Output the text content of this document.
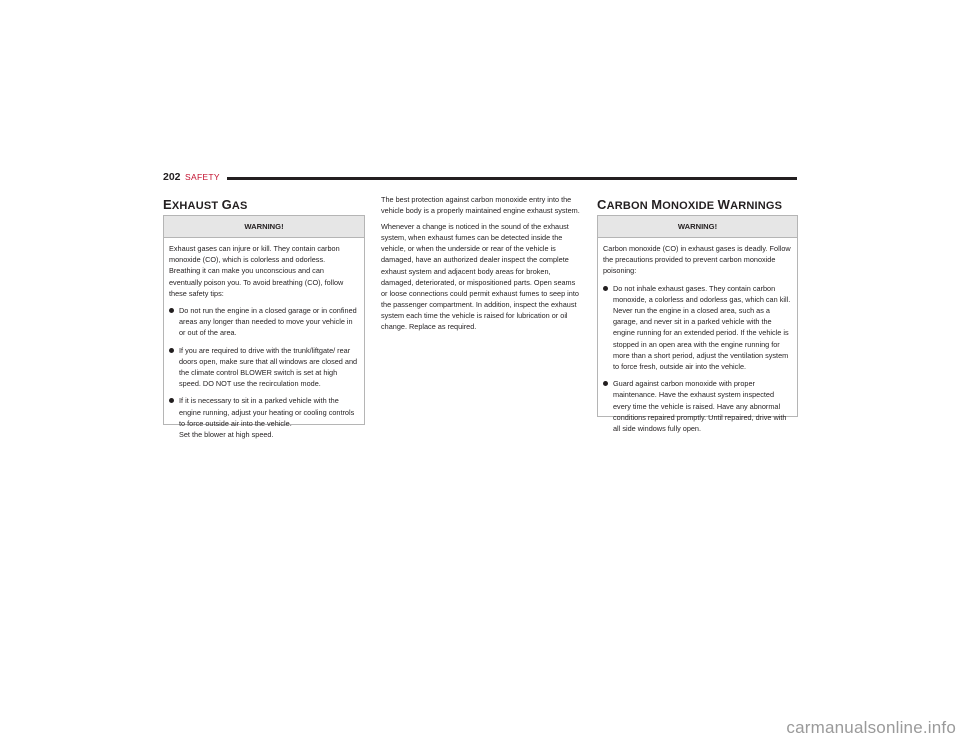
202 SAFETY
EXHAUST GAS
WARNING!

Exhaust gases can injure or kill. They contain carbon monoxide (CO), which is colorless and odorless. Breathing it can make you unconscious and can eventually poison you. To avoid breathing (CO), follow these safety tips:

Do not run the engine in a closed garage or in confined areas any longer than needed to move your vehicle in or out of the area.
If you are required to drive with the trunk/liftgate/ rear doors open, make sure that all windows are closed and the climate control BLOWER switch is set at high speed. DO NOT use the recirculation mode.
If it is necessary to sit in a parked vehicle with the engine running, adjust your heating or cooling controls to force outside air into the vehicle.
Set the blower at high speed.

The best protection against carbon monoxide entry into the vehicle body is a properly maintained engine exhaust system.

Whenever a change is noticed in the sound of the exhaust system, when exhaust fumes can be detected inside the vehicle, or when the underside or rear of the vehicle is damaged, have an authorized dealer inspect the complete exhaust system and adjacent body areas for broken, damaged, deteriorated, or mispositioned parts. Open seams or loose connections could permit exhaust fumes to seep into the passenger compartment. In addition, inspect the exhaust system each time the vehicle is raised for lubrication or oil change. Replace as required.

CARBON MONOXIDE WARNINGS
WARNING!

Carbon monoxide (CO) in exhaust gases is deadly. Follow the precautions provided to prevent carbon monoxide poisoning:

Do not inhale exhaust gases. They contain carbon monoxide, a colorless and odorless gas, which can kill. Never run the engine in a closed area, such as a garage, and never sit in a parked vehicle with the engine running for an extended period. If the vehicle is stopped in an open area with the engine running for more than a short period, adjust the ventilation system to force fresh, outside air into the vehicle.
Guard against carbon monoxide with proper maintenance. Have the exhaust system inspected every time the vehicle is raised. Have any abnormal conditions repaired promptly. Until repaired, drive with all side windows fully open.
carmanualsonline.info
